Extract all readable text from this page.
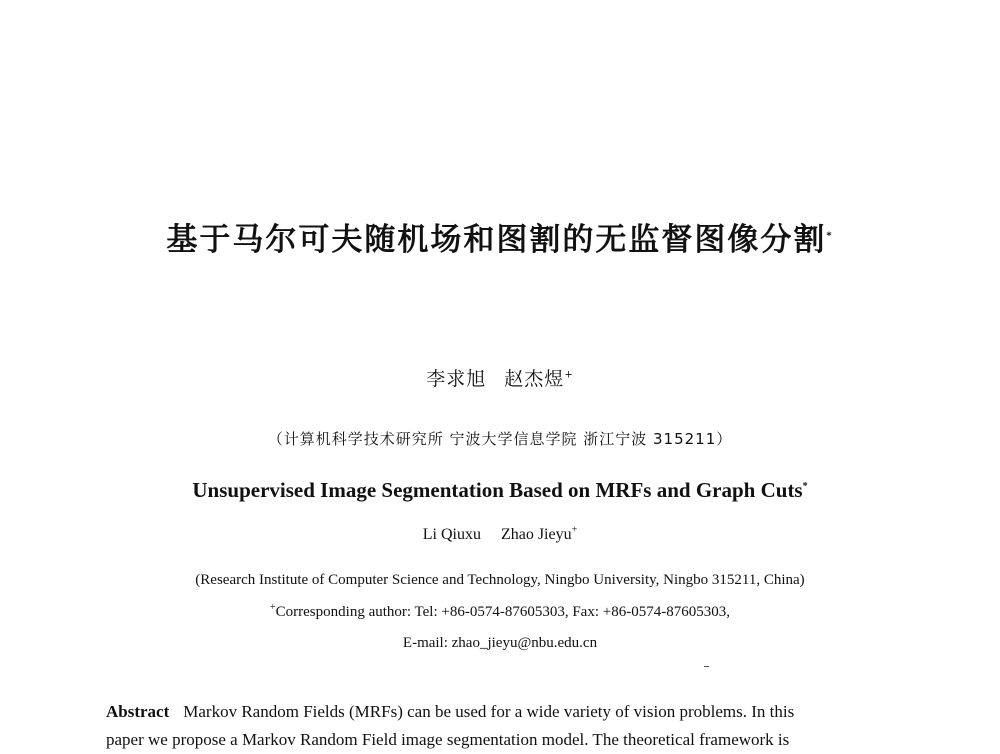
基于马尔可夫随机场和图割的无监督图像分割*
李求旭 赵杰煜+
（计算机科学技术研究所 宁波大学信息学院 浙江宁波 315211）
Unsupervised Image Segmentation Based on MRFs and Graph Cuts*
Li Qiuxu Zhao Jieyu+
(Research Institute of Computer Science and Technology, Ningbo University, Ningbo 315211, China)
+Corresponding author: Tel: +86-0574-87605303, Fax: +86-0574-87605303,
E-mail: zhao_jieyu@nbu.edu.cn
Abstract Markov Random Fields (MRFs) can be used for a wide variety of vision problems. In this
paper we propose a Markov Random Field image segmentation model. The theoretical framework is
